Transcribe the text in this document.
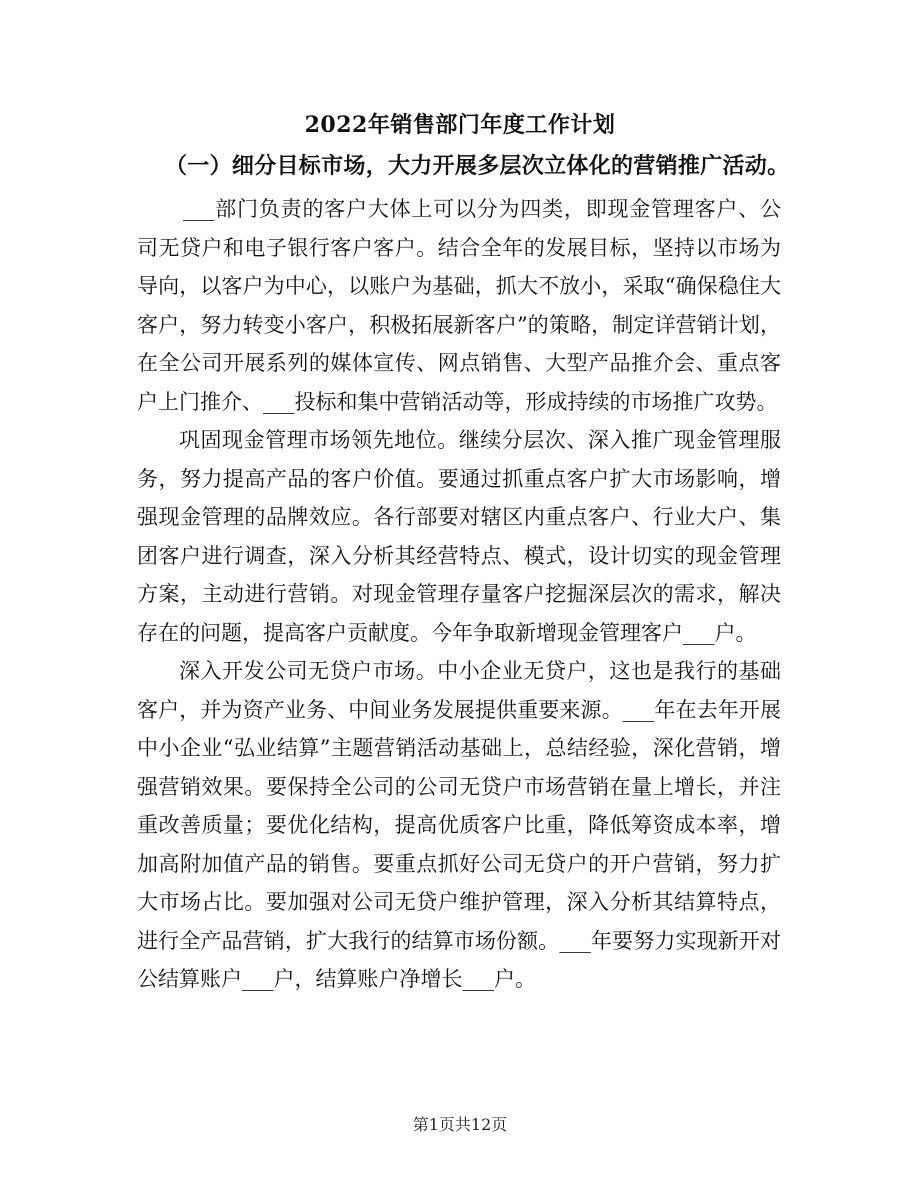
2022年销售部门年度工作计划
（一）细分目标市场，大力开展多层次立体化的营销推广活动。

___部门负责的客户大体上可以分为四类，即现金管理客户、公司无贷户和电子银行客户客户。结合全年的发展目标，坚持以市场为导向，以客户为中心，以账户为基础，抓大不放小，采取“确保稳住大客户，努力转变小客户，积极拓展新客户”的策略，制定详营销计划，在全公司开展系列的媒体宣传、网点销售、大型产品推介会、重点客户上门推介、___投标和集中营销活动等，形成持续的市场推广攻势。

巩固现金管理市场领先地位。继续分层次、深入推广现金管理服务，努力提高产品的客户价值。要通过抓重点客户扩大市场影响，增强现金管理的品牌效应。各行部要对辖区内重点客户、行业大户、集团客户进行调查，深入分析其经营特点、模式，设计切实的现金管理方案，主动进行营销。对现金管理存量客户挖掘深层次的需求，解决存在的问题，提高客户贡献度。今年争取新增现金管理客户___户。

深入开发公司无贷户市场。中小企业无贷户，这也是我行的基础客户，并为资产业务、中间业务发展提供重要来源。___年在去年开展中小企业“弘业结算”主题营销活动基础上，总结经验，深化营销，增强营销效果。要保持全公司的公司无贷户市场营销在量上增长，并注重改善质量；要优化结构，提高优质客户比重，降低筹资成本率，增加高附加值产品的销售。要重点抓好公司无贷户的开户营销，努力扩大市场占比。要加强对公司无贷户维护管理，深入分析其结算特点，进行全产品营销，扩大我行的结算市场份额。___年要努力实现新开对公结算账户___户，结算账户净增长___户。

第1页共12页
